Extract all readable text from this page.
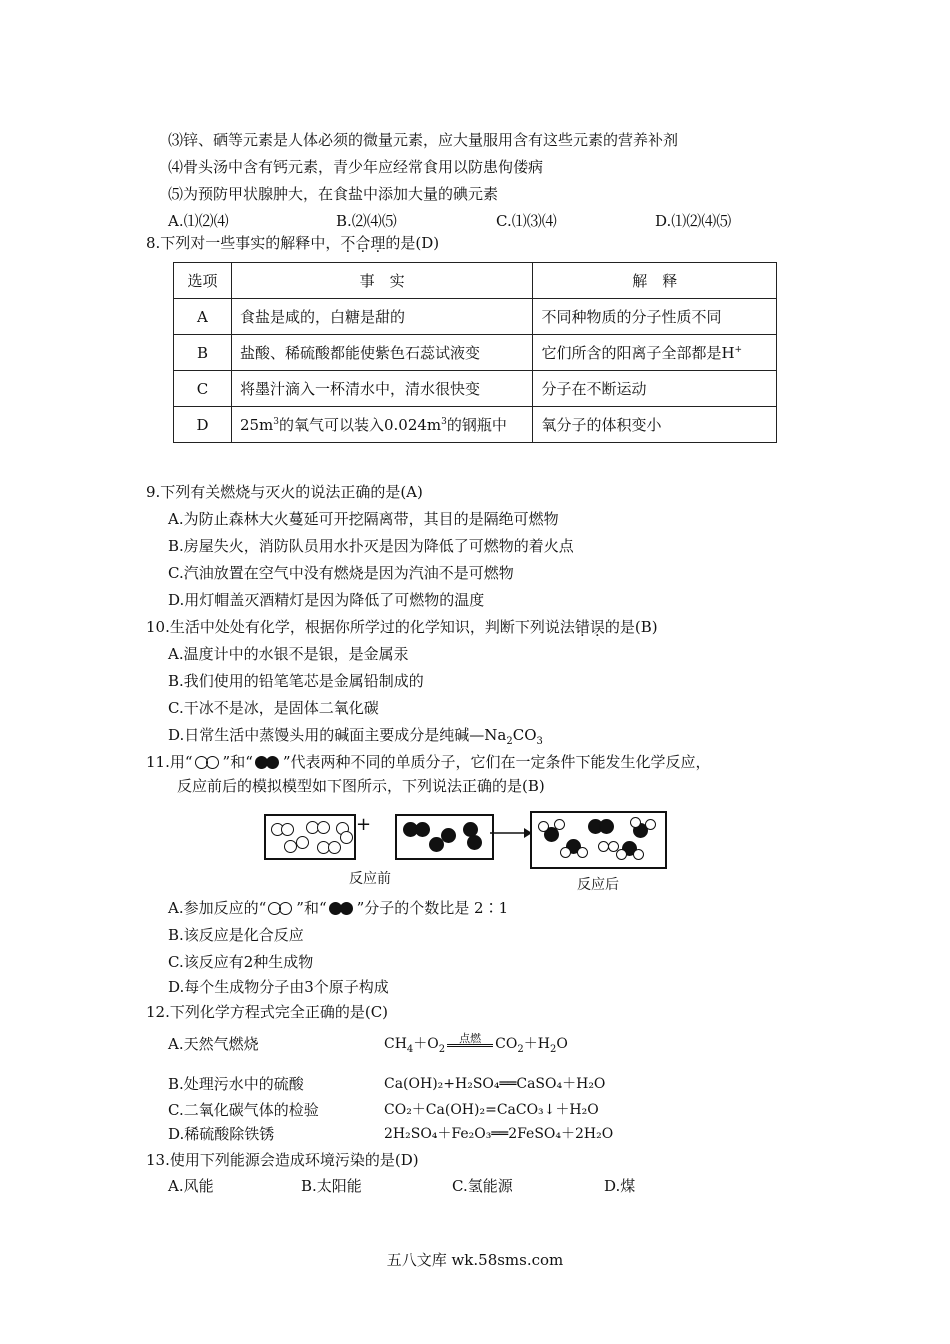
⑶锌、硒等元素是人体必须的微量元素，应大量服用含有这些元素的营养补剂
⑷骨头汤中含有钙元素，青少年应经常食用以防患佝偻病
⑸为预防甲状腺肿大，在食盐中添加大量的碘元素
A.⑴⑵⑷	B.⑵⑷⑸	C.⑴⑶⑷	D.⑴⑵⑷⑸
8.下列对一些事实的解释中，不合理的是(D)
选项	事　实	解　释
A	食盐是咸的，白糖是甜的	不同种物质的分子性质不同
B	盐酸、稀硫酸都能使紫色石蕊试液变	它们所含的阳离子全部都是H+
C	将墨汁滴入一杯清水中，清水很快变	分子在不断运动
D	$25m^3$的氧气可以装入$0.024m^3$的钢瓶中	氧分子的体积变小
9.下列有关燃烧与灭火的说法正确的是(A)
A.为防止森林大火蔓延可开挖隔离带，其目的是隔绝可燃物
B.房屋失火，消防队员用水扑灭是因为降低了可燃物的着火点
C.汽油放置在空气中没有燃烧是因为汽油不是可燃物
D.用灯帽盖灭酒精灯是因为降低了可燃物的温度
10.生活中处处有化学，根据你所学过的化学知识，判断下列说法错误的是(B)
A.温度计中的水银不是银，是金属汞
B.我们使用的铅笔笔芯是金属铅制成的
C.干冰不是冰，是固体二氧化碳
D.日常生活中蒸馒头用的碱面主要成分是纯碱$—Na_2CO_3$
11.用“ ”和“ ”代表两种不同的单质分子，它们在一定条件下能发生化学反应，
反应前后的模拟模型如下图所示，下列说法正确的是(B)
+
反应前	反应后
A.参加反应的“ ”和“ ”分子的个数比是 2∶1
B.该反应是化合反应
C.该反应有2种生成物
D.每个生成物分子由3个原子构成
12.下列化学方程式完全正确的是(C)
A.天然气燃烧	$CH_4+O_2$点燃 $CO_2+H_2O$
B.处理污水中的硫酸	Ca(OH)₂+H₂SO₄══CaSO₄＋H₂O
C.二氧化碳气体的检验	CO₂＋Ca(OH)₂=CaCO₃↓＋H₂O
D.稀硫酸除铁锈	2H₂SO₄＋Fe₂O₃══2FeSO₄＋2H₂O
13.使用下列能源会造成环境污染的是(D)
A.风能	B.太阳能	C.氢能源	D.煤
五八文库 wk.58sms.com
